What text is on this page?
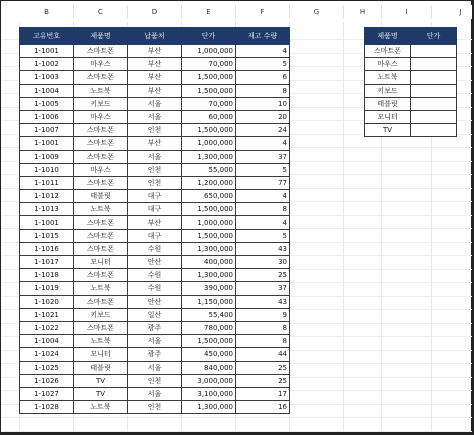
B	C	D	E	F	G	H	I	J
고유번호	제품명	납품처	단가	재고 수량
1-1001	스마트폰	부산	1,000,000	4
1-1002	마우스	부산	70,000	5
1-1003	스마트폰	부산	1,500,000	6
1-1004	노트북	부산	1,500,000	8
1-1005	키보드	서울	70,000	10
1-1006	마우스	서울	60,000	20
1-1007	스마트폰	인천	1,500,000	24
1-1001	스마트폰	부산	1,000,000	4
1-1009	스마트폰	서울	1,300,000	37
1-1010	마우스	인천	55,000	5
1-1011	스마트폰	인천	1,200,000	77
1-1012	태블릿	대구	650,000	4
1-1013	노트북	대구	1,500,000	8
1-1001	스마트폰	부산	1,000,000	4
1-1015	스마트폰	대구	1,500,000	5
1-1016	스마트폰	수원	1,300,000	43
1-1017	모니터	안산	400,000	30
1-1018	스마트폰	수원	1,300,000	25
1-1019	노트북	수원	390,000	37
1-1020	스마트폰	안산	1,150,000	43
1-1021	키보드	일산	55,400	9
1-1022	스마트폰	광주	780,000	8
1-1004	노트북	서울	1,500,000	8
1-1024	모니터	광주	450,000	44
1-1025	태블릿	서울	840,000	25
1-1026	TV	인천	3,000,000	25
1-1027	TV	서울	3,100,000	17
1-1028	노트북	인천	1,300,000	16
제품명	단가
스마트폰	
마우스	
노트북	
키보드	
태블릿	
모니터	
TV	
